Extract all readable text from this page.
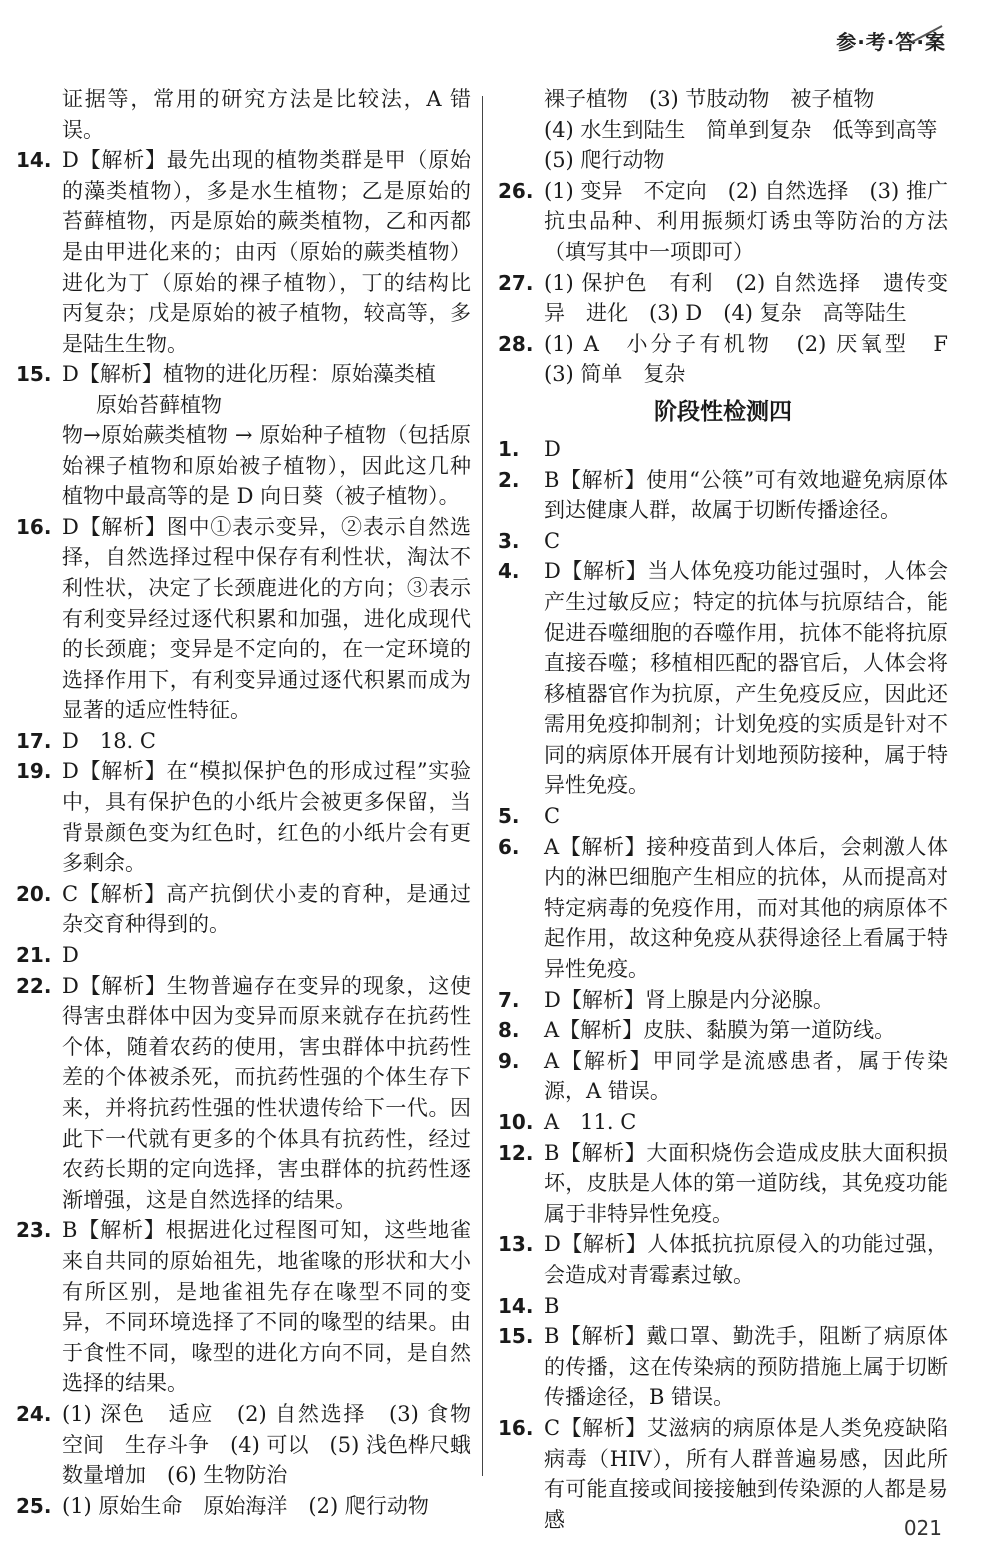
参·考·答·案
证据等，常用的研究方法是比较法，A 错误。
14. D【解析】最先出现的植物类群是甲（原始的藻类植物），多是水生植物；乙是原始的苔藓植物，丙是原始的蕨类植物，乙和丙都是由甲进化来的；由丙（原始的蕨类植物）进化为丁（原始的裸子植物），丁的结构比丙复杂；戊是原始的被子植物，较高等，多是陆生生物。
15. D【解析】植物的进化历程：原始藻类植
原始苔藓植物
物→原始蕨类植物 → 原始种子植物（包括原始裸子植物和原始被子植物），因此这几种植物中最高等的是 D 向日葵（被子植物）。
16. D【解析】图中①表示变异，②表示自然选择，自然选择过程中保存有利性状，淘汰不利性状，决定了长颈鹿进化的方向；③表示有利变异经过逐代积累和加强，进化成现代的长颈鹿；变异是不定向的，在一定环境的选择作用下，有利变异通过逐代积累而成为显著的适应性特征。
17. D　18. C
19. D【解析】在“模拟保护色的形成过程”实验中，具有保护色的小纸片会被更多保留，当背景颜色变为红色时，红色的小纸片会有更多剩余。
20. C【解析】高产抗倒伏小麦的育种，是通过杂交育种得到的。
21. D
22. D【解析】生物普遍存在变异的现象，这使得害虫群体中因为变异而原来就存在抗药性个体，随着农药的使用，害虫群体中抗药性差的个体被杀死，而抗药性强的个体生存下来，并将抗药性强的性状遗传给下一代。因此下一代就有更多的个体具有抗药性，经过农药长期的定向选择，害虫群体的抗药性逐渐增强，这是自然选择的结果。
23. B【解析】根据进化过程图可知，这些地雀来自共同的原始祖先，地雀喙的形状和大小有所区别，是地雀祖先存在喙型不同的变异，不同环境选择了不同的喙型的结果。由于食性不同，喙型的进化方向不同，是自然选择的结果。
24. (1) 深色　适应　(2) 自然选择　(3) 食物　空间　生存斗争　(4) 可以　(5) 浅色桦尺蛾数量增加　(6) 生物防治
25. (1) 原始生命　原始海洋　(2) 爬行动物
裸子植物　(3) 节肢动物　被子植物
(4) 水生到陆生　简单到复杂　低等到高等
(5) 爬行动物
26. (1) 变异　不定向　(2) 自然选择　(3) 推广抗虫品种、利用振频灯诱虫等防治的方法（填写其中一项即可）
27. (1) 保护色　有利　(2) 自然选择　遗传变异　进化　(3) D　(4) 复杂　高等陆生
28. (1) A　小分子有机物　(2) 厌氧型　F　(3) 简单　复杂
阶段性检测四
1.	D
2.	B【解析】使用“公筷”可有效地避免病原体到达健康人群，故属于切断传播途径。
3.	C
4.	D【解析】当人体免疫功能过强时，人体会产生过敏反应；特定的抗体与抗原结合，能促进吞噬细胞的吞噬作用，抗体不能将抗原直接吞噬；移植相匹配的器官后，人体会将移植器官作为抗原，产生免疫反应，因此还需用免疫抑制剂；计划免疫的实质是针对不同的病原体开展有计划地预防接种，属于特异性免疫。
5.	C
6.	A【解析】接种疫苗到人体后，会刺激人体内的淋巴细胞产生相应的抗体，从而提高对特定病毒的免疫作用，而对其他的病原体不起作用，故这种免疫从获得途径上看属于特异性免疫。
7.	D【解析】肾上腺是内分泌腺。
8.	A【解析】皮肤、黏膜为第一道防线。
9.	A【解析】甲同学是流感患者，属于传染源，A 错误。
10. A　11. C
12. B【解析】大面积烧伤会造成皮肤大面积损坏，皮肤是人体的第一道防线，其免疫功能属于非特异性免疫。
13. D【解析】人体抵抗抗原侵入的功能过强，会造成对青霉素过敏。
14. B
15. B【解析】戴口罩、勤洗手，阻断了病原体的传播，这在传染病的预防措施上属于切断传播途径，B 错误。
16. C【解析】艾滋病的病原体是人类免疫缺陷病毒（HIV），所有人群普遍易感，因此所有可能直接或间接接触到传染源的人都是易感	021
